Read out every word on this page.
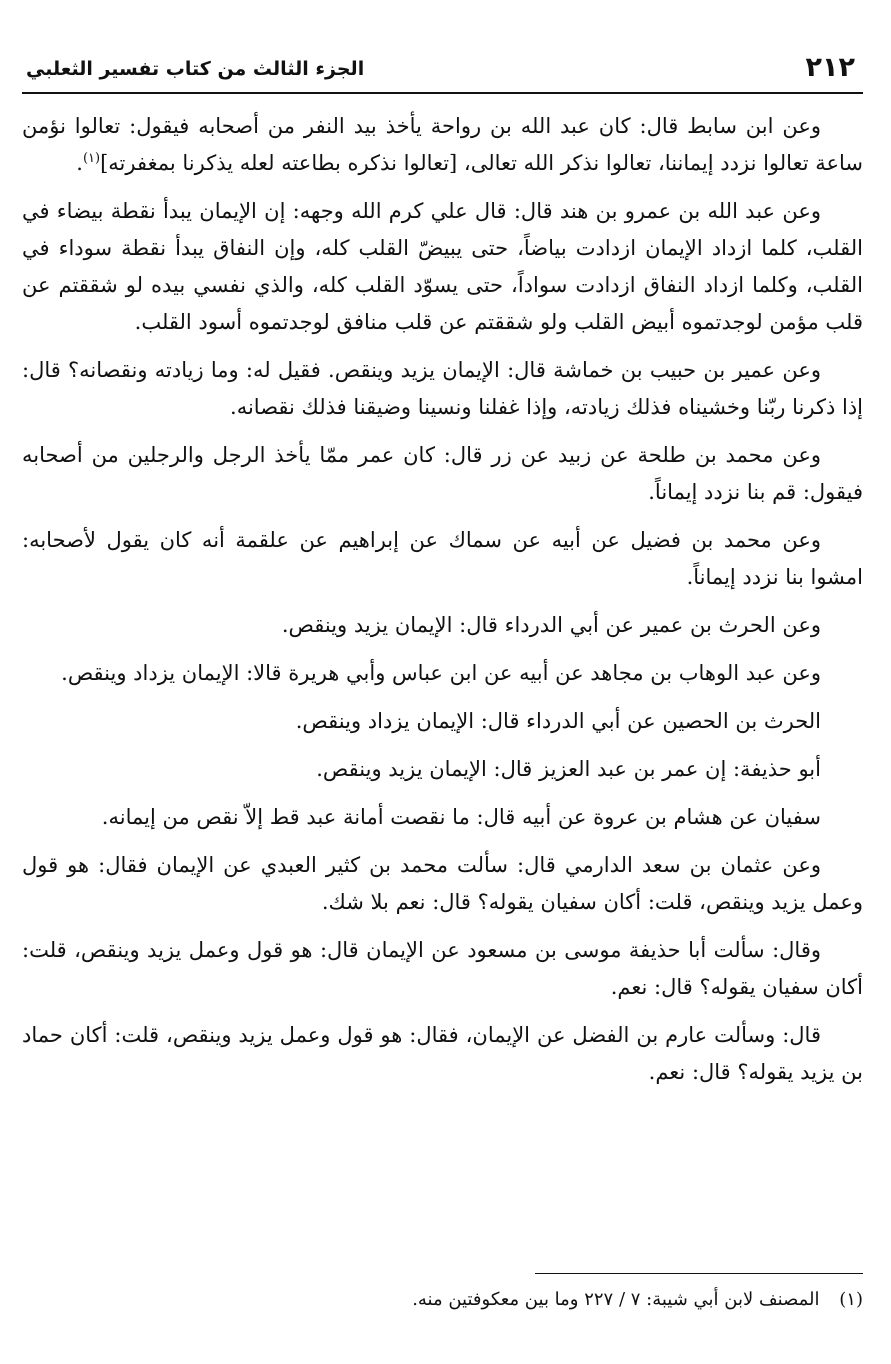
٢١٢
الجزء الثالث من كتاب تفسير الثعلبي

وعن ابن سابط قال: كان عبد الله بن رواحة يأخذ بيد النفر من أصحابه فيقول: تعالوا نؤمن ساعة تعالوا نزدد إيماننا، تعالوا نذكر الله تعالى، [تعالوا نذكره بطاعته لعله يذكرنا بمغفرته]$^{(١)}$.

وعن عبد الله بن عمرو بن هند قال: قال علي كرم الله وجهه: إن الإيمان يبدأ نقطة بيضاء في القلب، كلما ازداد الإيمان ازدادت بياضاً، حتى يبيضّ القلب كله، وإن النفاق يبدأ نقطة سوداء في القلب، وكلما ازداد النفاق ازدادت سواداً، حتى يسوّد القلب كله، والذي نفسي بيده لو شققتم عن قلب مؤمن لوجدتموه أبيض القلب ولو شققتم عن قلب منافق لوجدتموه أسود القلب.

وعن عمير بن حبيب بن خماشة قال: الإيمان يزيد وينقص. فقيل له: وما زيادته ونقصانه؟ قال: إذا ذكرنا ربّنا وخشيناه فذلك زيادته، وإذا غفلنا ونسينا وضيقنا فذلك نقصانه.

وعن محمد بن طلحة عن زبيد عن زر قال: كان عمر ممّا يأخذ الرجل والرجلين من أصحابه فيقول: قم بنا نزدد إيماناً.

وعن محمد بن فضيل عن أبيه عن سماك عن إبراهيم عن علقمة أنه كان يقول لأصحابه: امشوا بنا نزدد إيماناً.

وعن الحرث بن عمير عن أبي الدرداء قال: الإيمان يزيد وينقص.

وعن عبد الوهاب بن مجاهد عن أبيه عن ابن عباس وأبي هريرة قالا: الإيمان يزداد وينقص.

الحرث بن الحصين عن أبي الدرداء قال: الإيمان يزداد وينقص.

أبو حذيفة: إن عمر بن عبد العزيز قال: الإيمان يزيد وينقص.

سفيان عن هشام بن عروة عن أبيه قال: ما نقصت أمانة عبد قط إلاّ نقص من إيمانه.

وعن عثمان بن سعد الدارمي قال: سألت محمد بن كثير العبدي عن الإيمان فقال: هو قول وعمل يزيد وينقص، قلت: أكان سفيان يقوله؟ قال: نعم بلا شك.

وقال: سألت أبا حذيفة موسى بن مسعود عن الإيمان قال: هو قول وعمل يزيد وينقص، قلت: أكان سفيان يقوله؟ قال: نعم.

قال: وسألت عارم بن الفضل عن الإيمان، فقال: هو قول وعمل يزيد وينقص، قلت: أكان حماد بن يزيد يقوله؟ قال: نعم.

(١) المصنف لابن أبي شيبة: ٧ / ٢٢٧ وما بين معكوفتين منه.
